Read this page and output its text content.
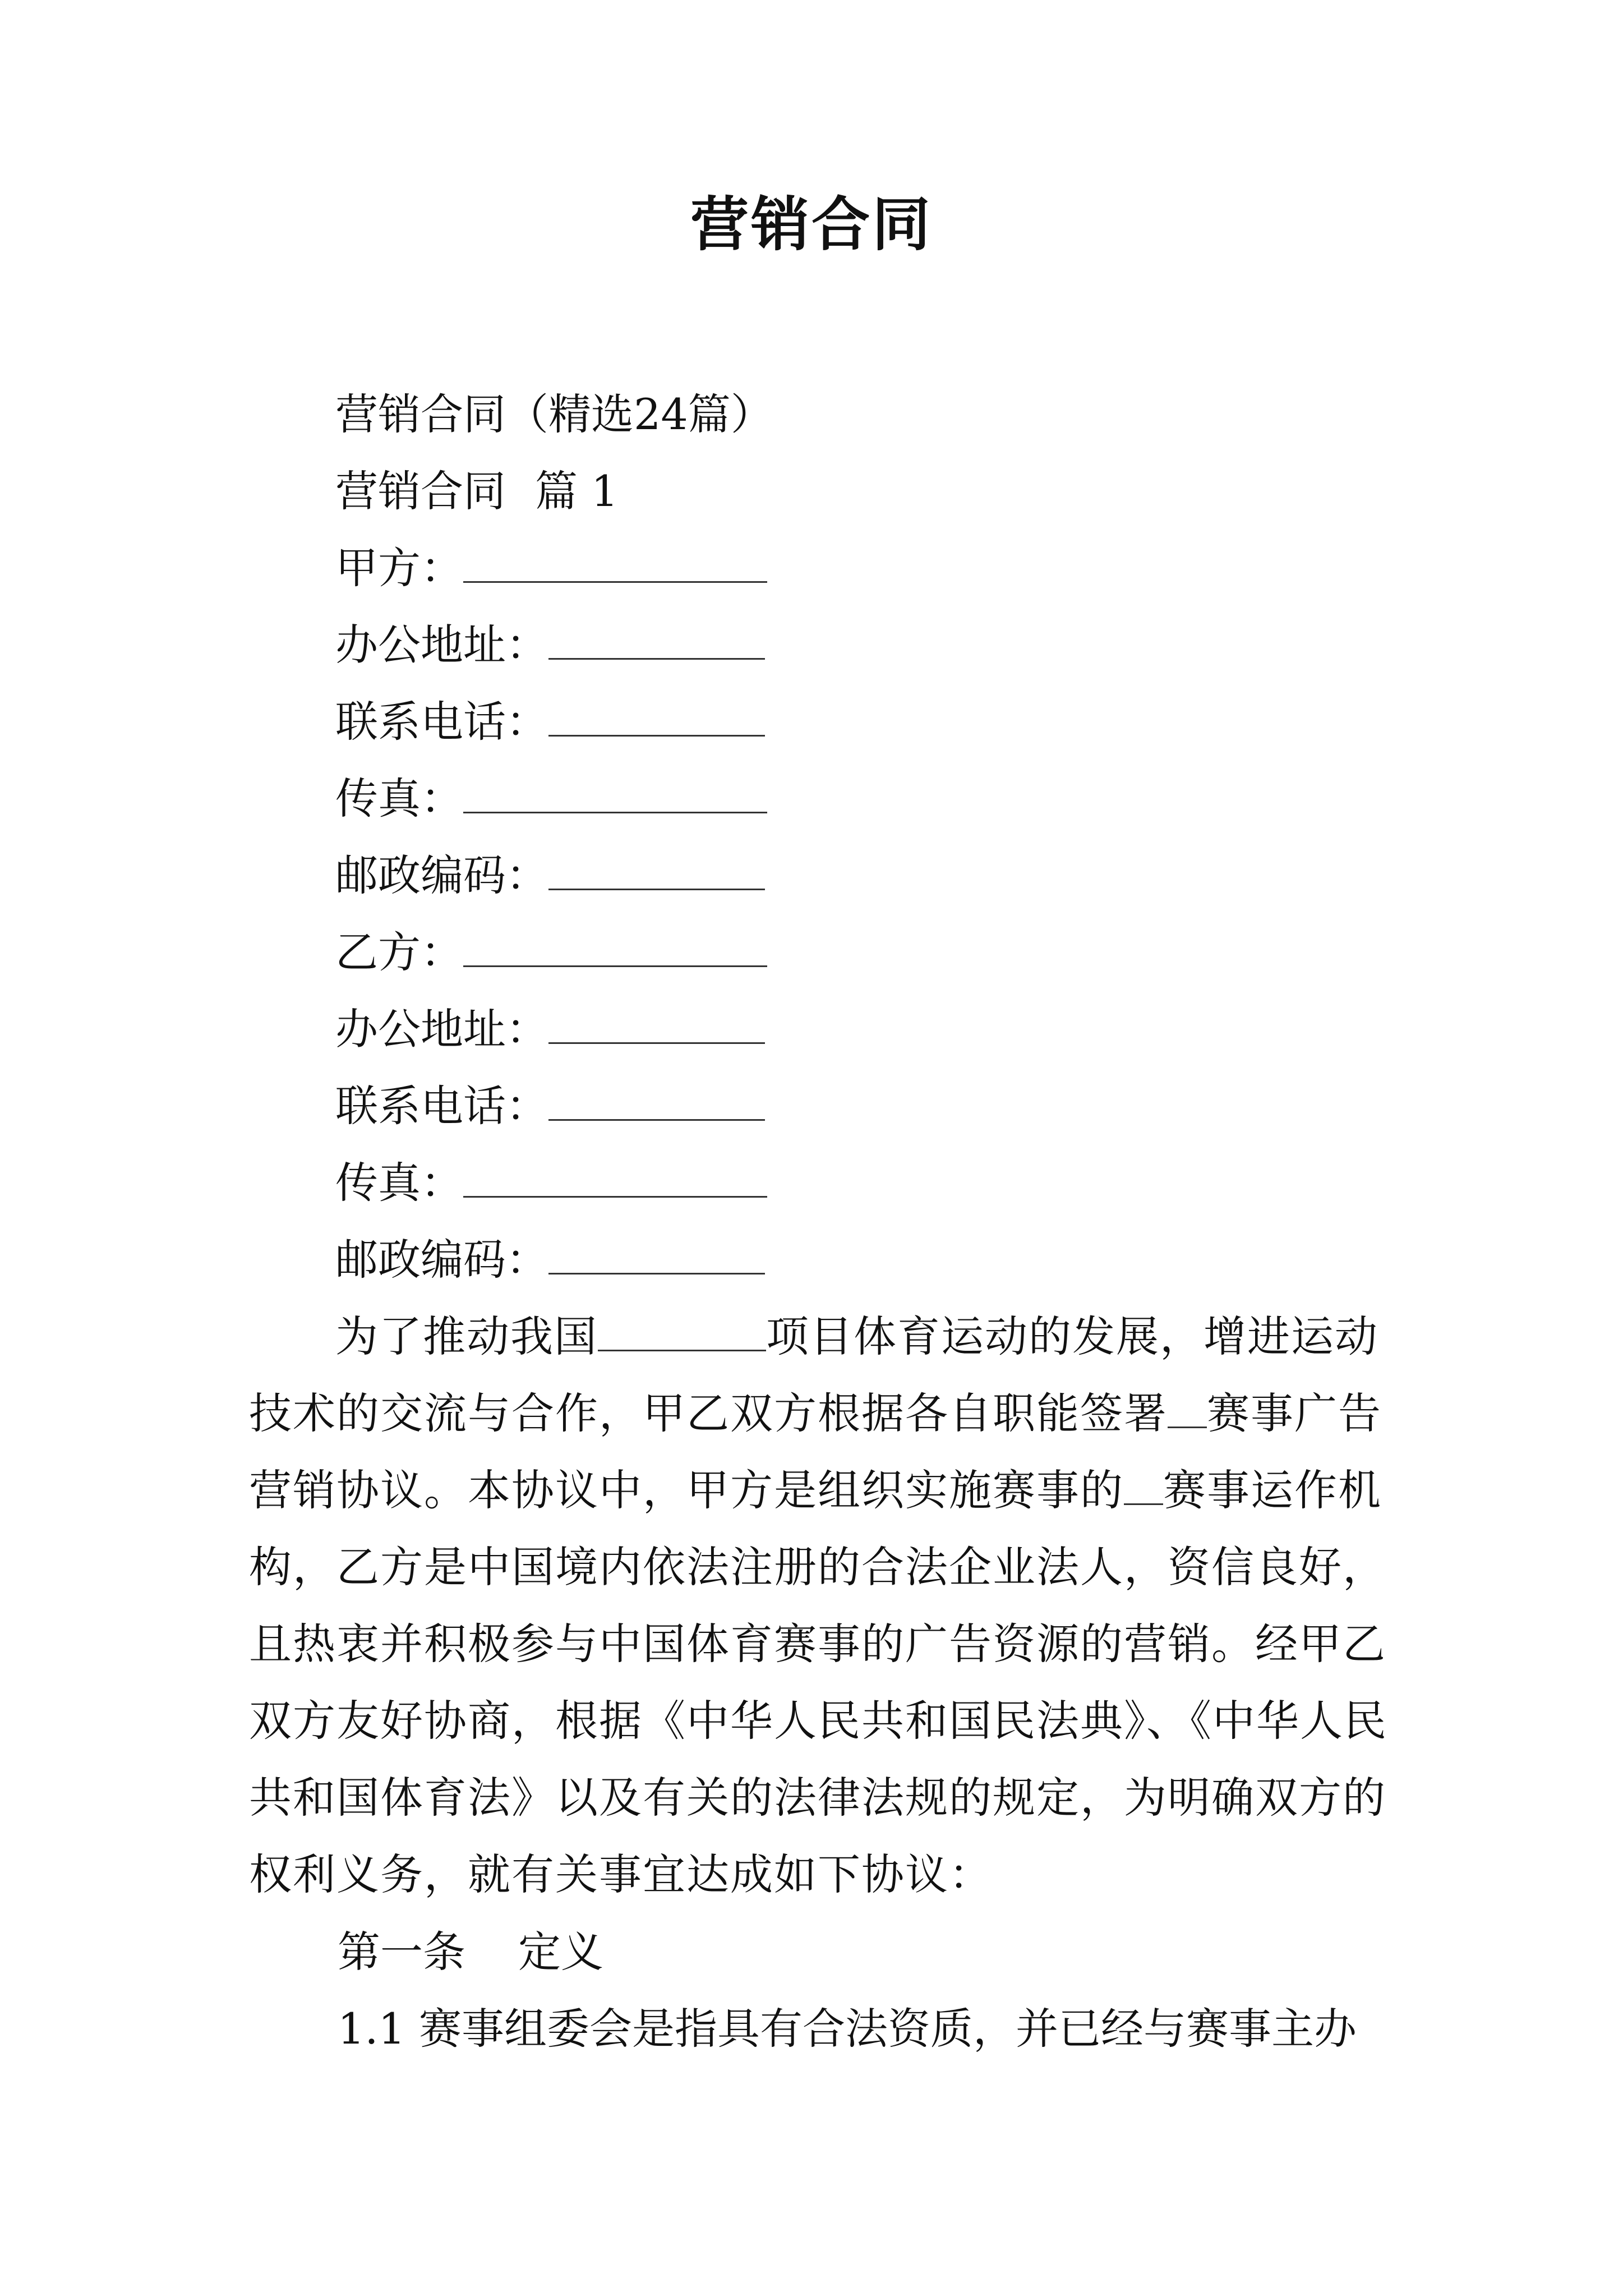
营销合同
营销合同（精选24篇）
营销合同 篇 1
甲方：
办公地址：
联系电话：
传真：
邮政编码：
乙方：
办公地址：
联系电话：
传真：
邮政编码：
为了推动我国	项目体育运动的发展，增进运动
技术的交流与合作，甲乙双方根据各自职能签署 赛事广告
营销协议。本协议中，甲方是组织实施赛事的 赛事运作机
构，乙方是中国境内依法注册的合法企业法人，资信良好，
且热衷并积极参与中国体育赛事的广告资源的营销。经甲乙
双方友好协商，根据《中华人民共和国民法典》、《中华人民
共和国体育法》以及有关的法律法规的规定，为明确双方的
权利义务，就有关事宜达成如下协议：
第一条 定义
1.1 赛事组委会是指具有合法资质，并已经与赛事主办
